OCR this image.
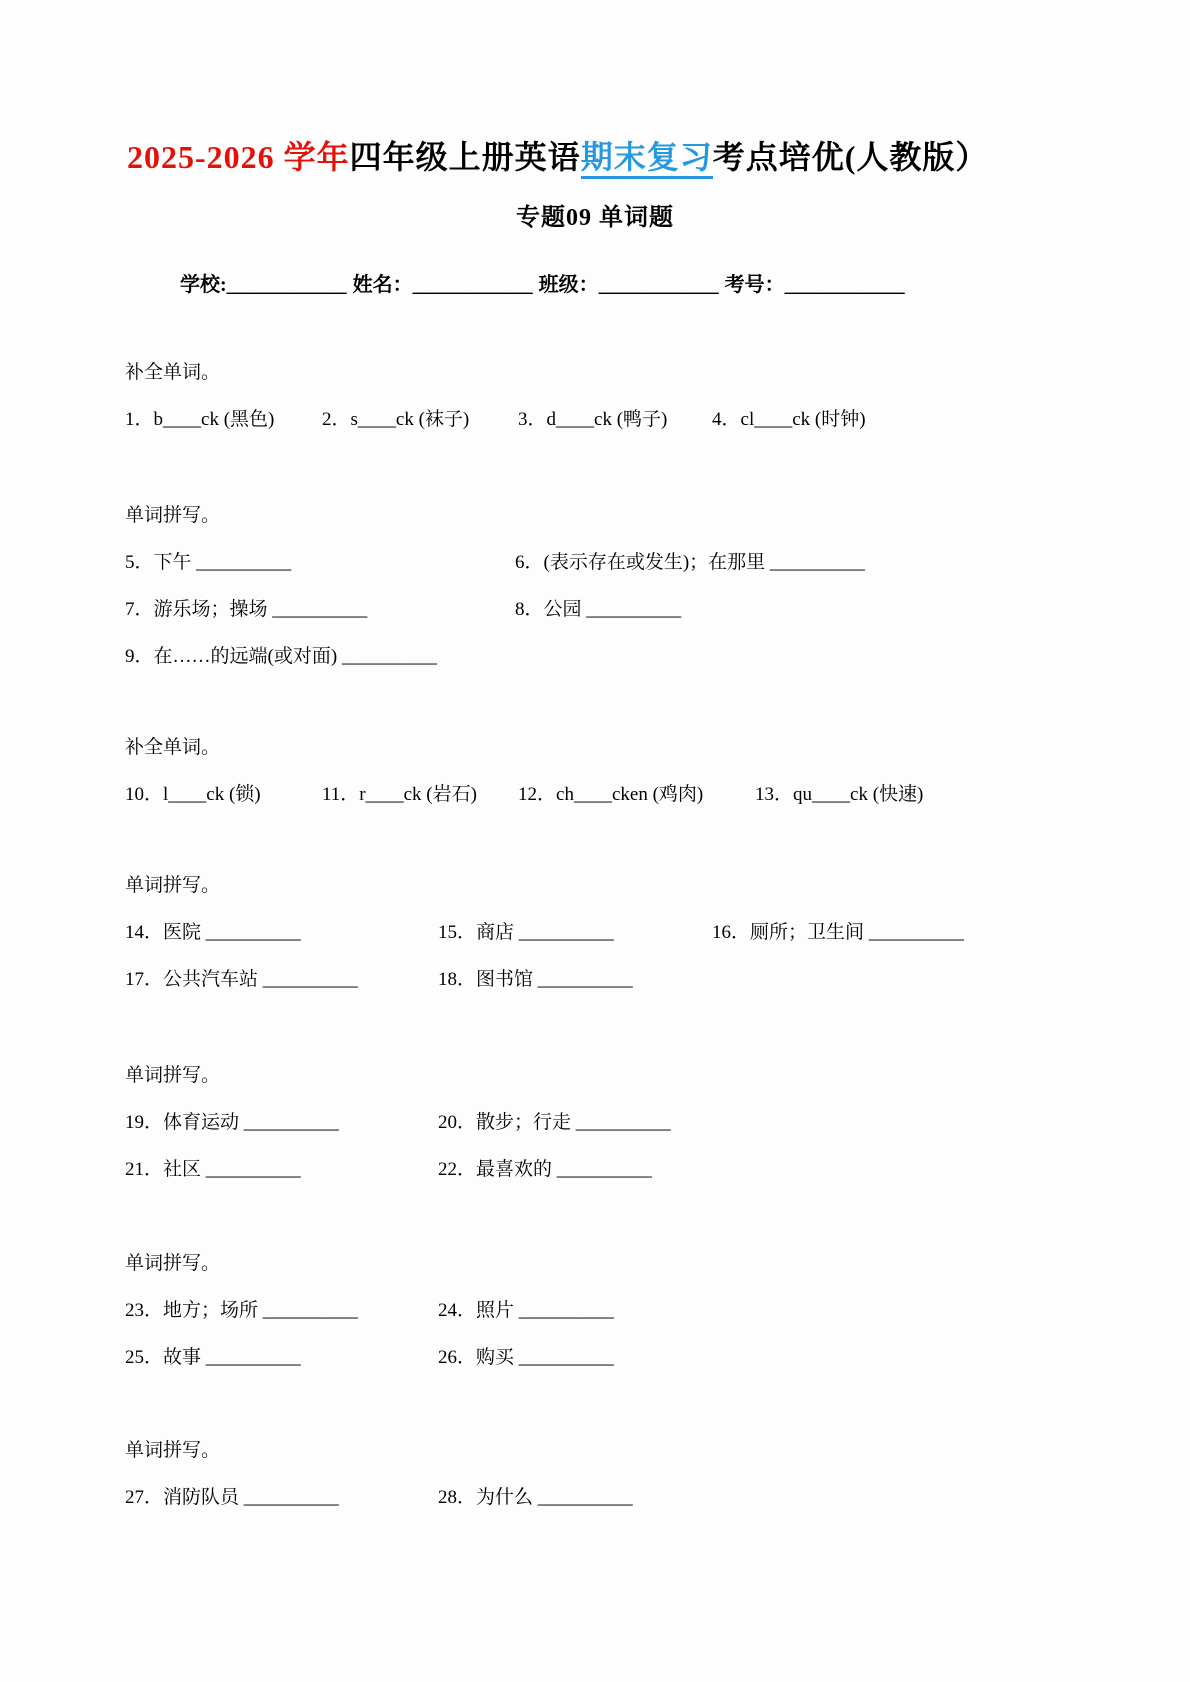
2025-2026 学年四年级上册英语期末复习考点培优(人教版）
专题09 单词题
学校:____________ 姓名：____________ 班级：____________ 考号：____________

补全单词。

1．b____ck (黑色)	2．s____ck (袜子)	3．d____ck (鸭子)	4．cl____ck (时钟)

单词拼写。

5．下午 __________	6．(表示存在或发生)；在那里 __________
7．游乐场；操场 __________	8．公园 __________
9．在……的远端(或对面) __________

补全单词。

10．l____ck (锁)	11．r____ck (岩石)	12．ch____cken (鸡肉)	13．qu____ck (快速)

单词拼写。

14．医院 __________	15．商店 __________	16．厕所；卫生间 __________
17．公共汽车站 __________	18．图书馆 __________

单词拼写。

19．体育运动 __________	20．散步；行走 __________
21．社区 __________	22．最喜欢的 __________

单词拼写。

23．地方；场所 __________	24．照片 __________
25．故事 __________	26．购买 __________

单词拼写。

27．消防队员 __________	28．为什么 __________
